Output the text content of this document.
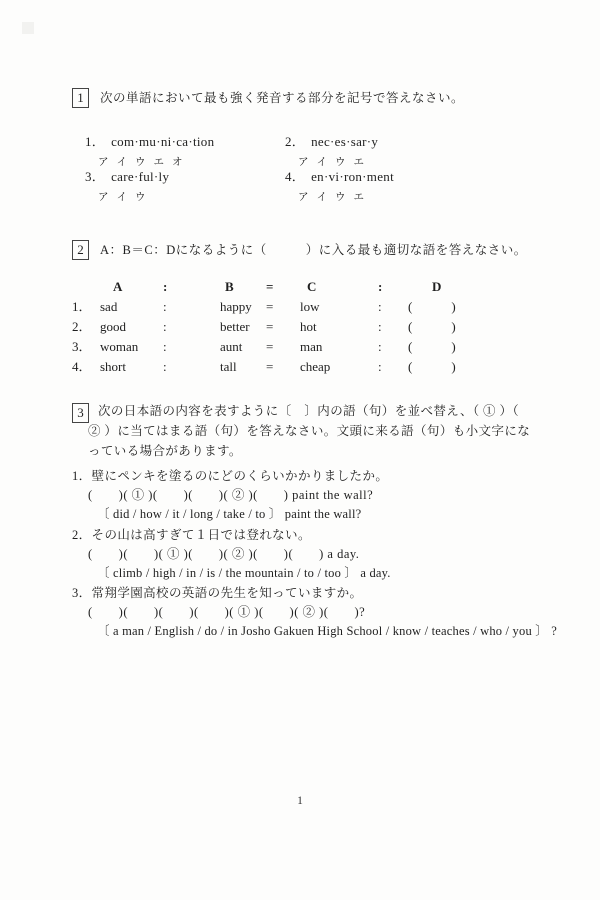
1	次の単語において最も強く発音する部分を記号で答えなさい。
1． com·mu·ni·ca·tion
ア イ ウ エ オ
2． nec·es·sar·y
ア イ ウ エ
3． care·ful·ly
ア イ ウ
4． en·vi·ron·ment
ア イ ウ エ
2	A：B＝C：Dになるように（　　　）に入る最も適切な語を答えなさい。
A	:	B	=	C	:	D
1． sad	:	happy	=	low	:	(　　　)
2． good	:	better	=	hot	:	(　　　)
3． woman	:	aunt	=	man	:	(　　　)
4． short	:	tall	=	cheap	:	(　　　)
3	次の日本語の内容を表すように〔　〕内の語（句）を並べ替え、（ ① ）（ ② ）に当てはまる語（句）を答えなさい。文頭に来る語（句）も小文字になっている場合があります。
1．壁にペンキを塗るのにどのくらいかかりましたか。
(　　)( ① )(　　)(　　)( ② )(　　) paint the wall?
〔 did / how / it / long / take / to 〕 paint the wall?
2．その山は高すぎて１日では登れない。
(　　)(　　)( ① )(　　)( ② )(　　)(　　) a day.
〔 climb / high / in / is / the mountain / to / too 〕 a day.
3．常翔学園高校の英語の先生を知っていますか。
(　　)(　　)(　　)(　　)( ① )(　　)( ② )(　　)?
〔 a man / English / do / in Josho Gakuen High School / know / teaches / who / you 〕 ?
1
